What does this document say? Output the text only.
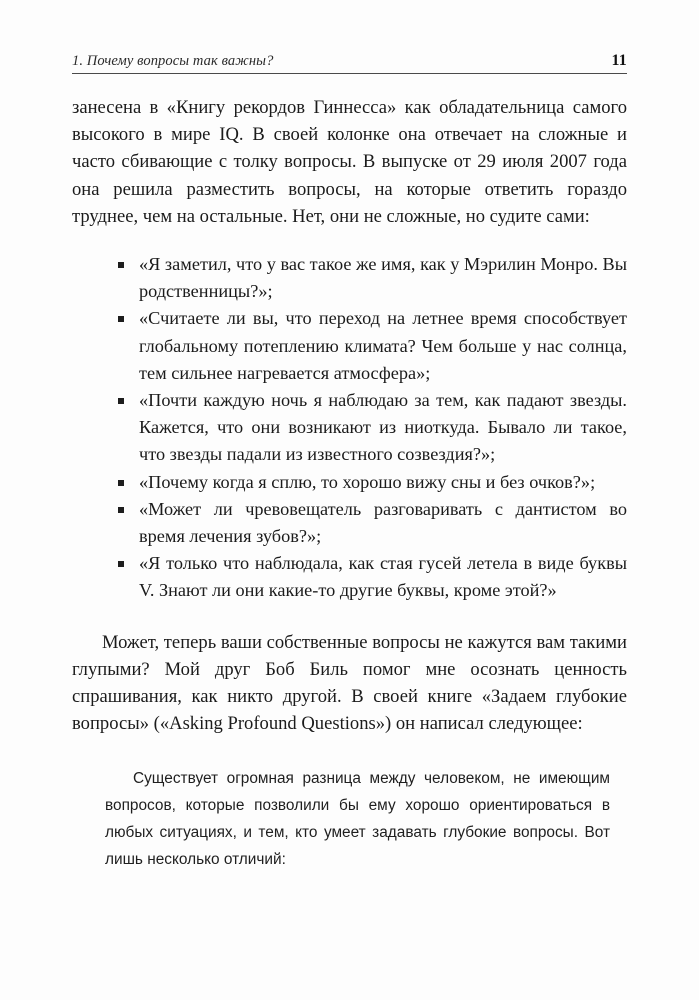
1. Почему вопросы так важны?	11

занесена в «Книгу рекордов Гиннесса» как обладательница самого высокого в мире IQ. В своей колонке она отвечает на сложные и часто сбивающие с толку вопросы. В выпуске от 29 июля 2007 года она решила разместить вопросы, на которые ответить гораздо труднее, чем на остальные. Нет, они не сложные, но судите сами:

«Я заметил, что у вас такое же имя, как у Мэрилин Монро. Вы родственницы?»;
«Считаете ли вы, что переход на летнее время способствует глобальному потеплению климата? Чем больше у нас солнца, тем сильнее нагревается атмосфера»;
«Почти каждую ночь я наблюдаю за тем, как падают звезды. Кажется, что они возникают из ниоткуда. Бывало ли такое, что звезды падали из известного созвездия?»;
«Почему когда я сплю, то хорошо вижу сны и без очков?»;
«Может ли чревовещатель разговаривать с дантистом во время лечения зубов?»;
«Я только что наблюдала, как стая гусей летела в виде буквы V. Знают ли они какие-то другие буквы, кроме этой?»

Может, теперь ваши собственные вопросы не кажутся вам такими глупыми? Мой друг Боб Биль помог мне осознать ценность спрашивания, как никто другой. В своей книге «Задаем глубокие вопросы» («Asking Profound Questions») он написал следующее:

Существует огромная разница между человеком, не имеющим вопросов, которые позволили бы ему хорошо ориентироваться в любых ситуациях, и тем, кто умеет задавать глубокие вопросы. Вот лишь несколько отличий:
